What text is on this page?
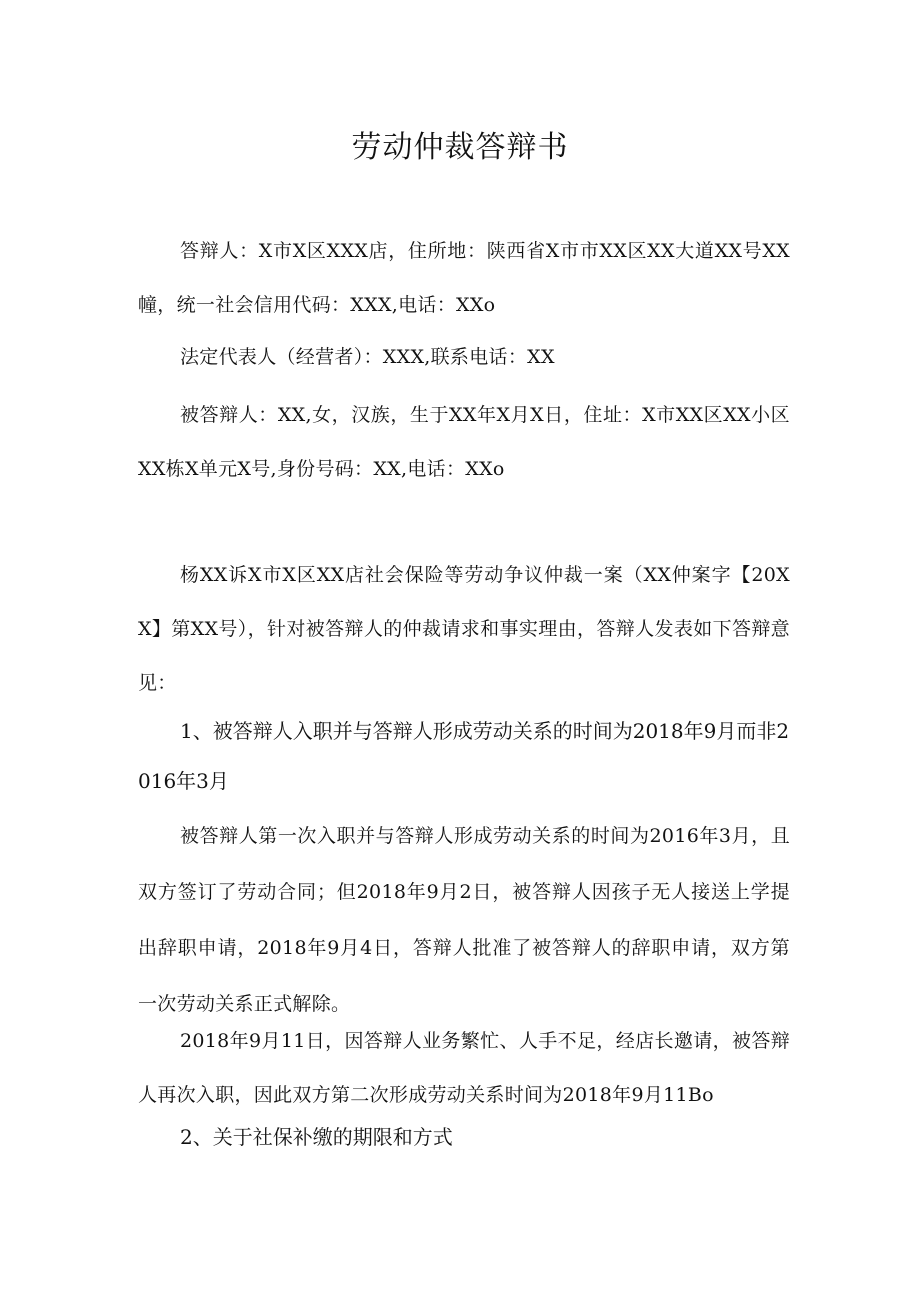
劳动仲裁答辩书

答辩人：X市X区XXX店，住所地：陕西省X市市XX区XX大道XX号XX幢，统一社会信用代码：XXX,电话：XXo

法定代表人（经营者）：XXX,联系电话：XX

被答辩人：XX,女，汉族，生于XX年X月X日，住址：X市XX区XX小区XX栋X单元X号,身份号码：XX,电话：XXo

杨XX诉X市X区XX店社会保险等劳动争议仲裁一案（XX仲案字【20XX】第XX号），针对被答辩人的仲裁请求和事实理由，答辩人发表如下答辩意见：

1、被答辩人入职并与答辩人形成劳动关系的时间为2018年9月而非2016年3月

被答辩人第一次入职并与答辩人形成劳动关系的时间为2016年3月，且双方签订了劳动合同；但2018年9月2日，被答辩人因孩子无人接送上学提出辞职申请，2018年9月4日，答辩人批准了被答辩人的辞职申请，双方第一次劳动关系正式解除。

2018年9月11日，因答辩人业务繁忙、人手不足，经店长邀请，被答辩人再次入职，因此双方第二次形成劳动关系时间为2018年9月11Bo

2、关于社保补缴的期限和方式
